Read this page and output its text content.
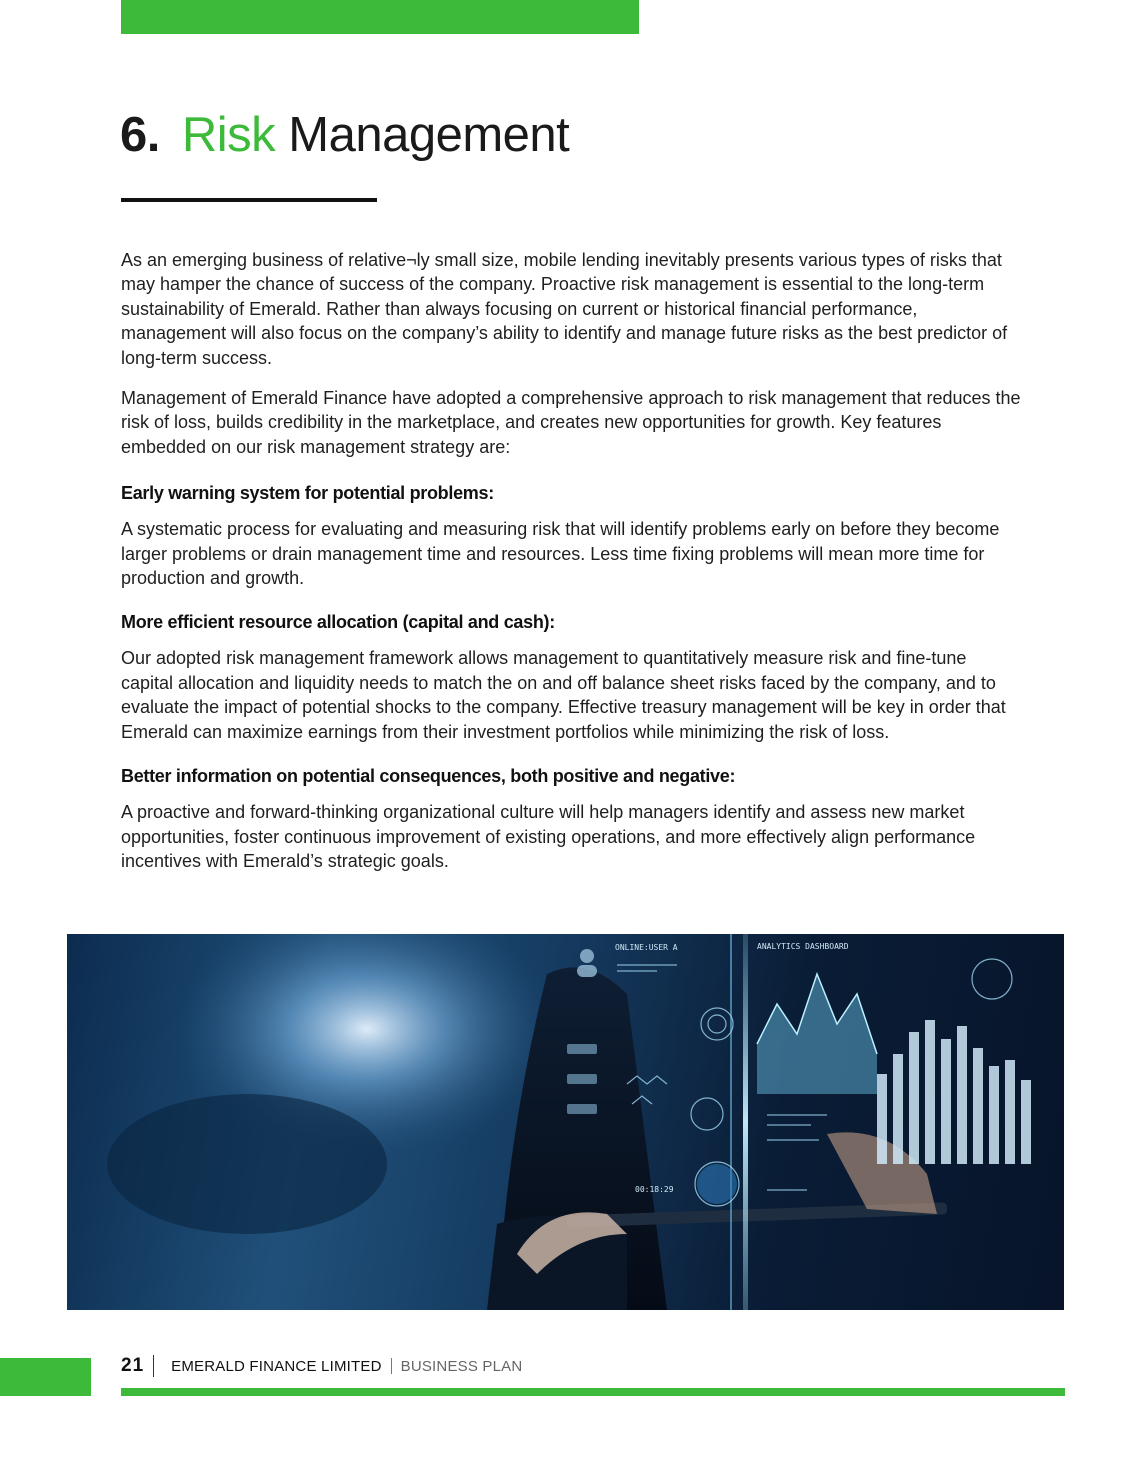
6. Risk Management

As an emerging business of relative¬ly small size, mobile lending inevitably presents various types of risks that may hamper the chance of success of the company. Proactive risk management is essential to the long-term sustainability of Emerald. Rather than always focusing on current or historical financial performance, management will also focus on the company’s ability to identify and manage future risks as the best predictor of long-term success.

Management of Emerald Finance have adopted a comprehensive approach to risk management that reduces the risk of loss, builds credibility in the marketplace, and creates new opportunities for growth. Key features embedded on our risk management strategy are:

Early warning system for potential problems:

A systematic process for evaluating and measuring risk that will identify problems early on before they become larger problems or drain management time and resources. Less time fixing problems will mean more time for production and growth.

More efficient resource allocation (capital and cash):

Our adopted risk management framework allows management to quantitatively measure risk and fine-tune capital allocation and liquidity needs to match the on and off balance sheet risks faced by the company, and to evaluate the impact of potential shocks to the company. Effective treasury management will be key in order that Emerald can maximize earnings from their investment portfolios while minimizing the risk of loss.

Better information on potential consequences, both positive and negative:

A proactive and forward-thinking organizational culture will help managers identify and assess new market opportunities, foster continuous improvement of existing operations, and more effectively align performance incentives with Emerald’s strategic goals.

ONLINE:USER A	ANALYTICS DASHBOARD
00:18:29
21 EMERALD FINANCE LIMITED BUSINESS PLAN
